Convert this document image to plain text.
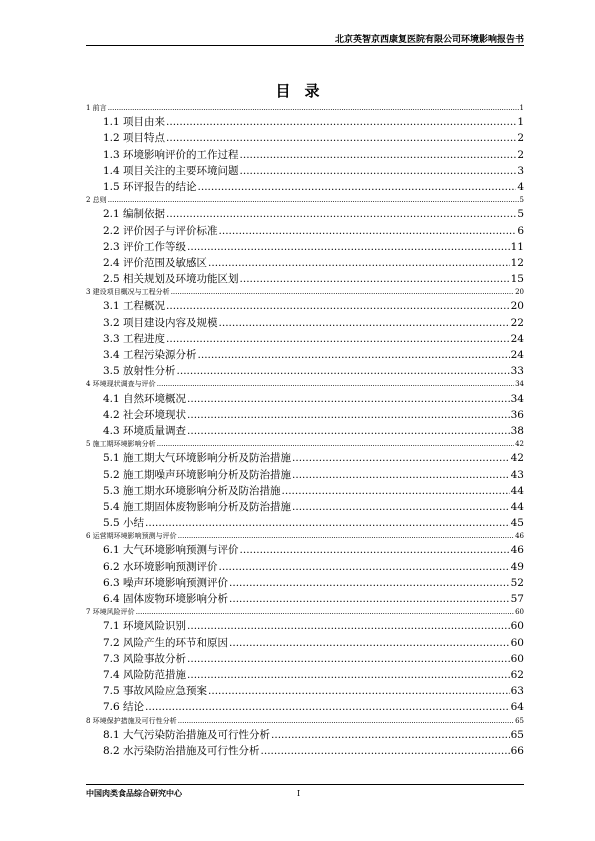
北京英智京西康复医院有限公司环境影响报告书
目录
1 前言 .....	1
1.1 项目由来 .....	1
1.2 项目特点 .....	2
1.3 环境影响评价的工作过程 .....	2
1.4 项目关注的主要环境问题 .....	3
1.5 环评报告的结论 .....	4
2 总则 .....	5
2.1 编制依据 .....	5
2.2 评价因子与评价标准 .....	6
2.3 评价工作等级 .....	11
2.4 评价范围及敏感区 .....	12
2.5 相关规划及环境功能区划 .....	15
3 建设项目概况与工程分析 .....	20
3.1 工程概况 .....	20
3.2 项目建设内容及规模 .....	22
3.3 工程进度 .....	24
3.4 工程污染源分析 .....	24
3.5 放射性分析 .....	33
4 环境现状调查与评价 .....	34
4.1 自然环境概况 .....	34
4.2 社会环境现状 .....	36
4.3 环境质量调查 .....	38
5 施工期环境影响分析 .....	42
5.1 施工期大气环境影响分析及防治措施 .....	42
5.2 施工期噪声环境影响分析及防治措施 .....	43
5.3 施工期水环境影响分析及防治措施 .....	44
5.4 施工期固体废物影响分析及防治措施 .....	44
5.5 小结 .....	45
6 运营期环境影响预测与评价 .....	46
6.1 大气环境影响预测与评价 .....	46
6.2 水环境影响预测评价 .....	49
6.3 噪声环境影响预测评价 .....	52
6.4 固体废物环境影响分析 .....	57
7 环境风险评价 .....	60
7.1 环境风险识别 .....	60
7.2 风险产生的环节和原因 .....	60
7.3 风险事故分析 .....	60
7.4 风险防范措施 .....	62
7.5 事故风险应急预案 .....	63
7.6 结论 .....	64
8 环境保护措施及可行性分析 .....	65
8.1 大气污染防治措施及可行性分析 .....	65
8.2 水污染防治措施及可行性分析 .....	66
中国肉类食品综合研究中心	I
